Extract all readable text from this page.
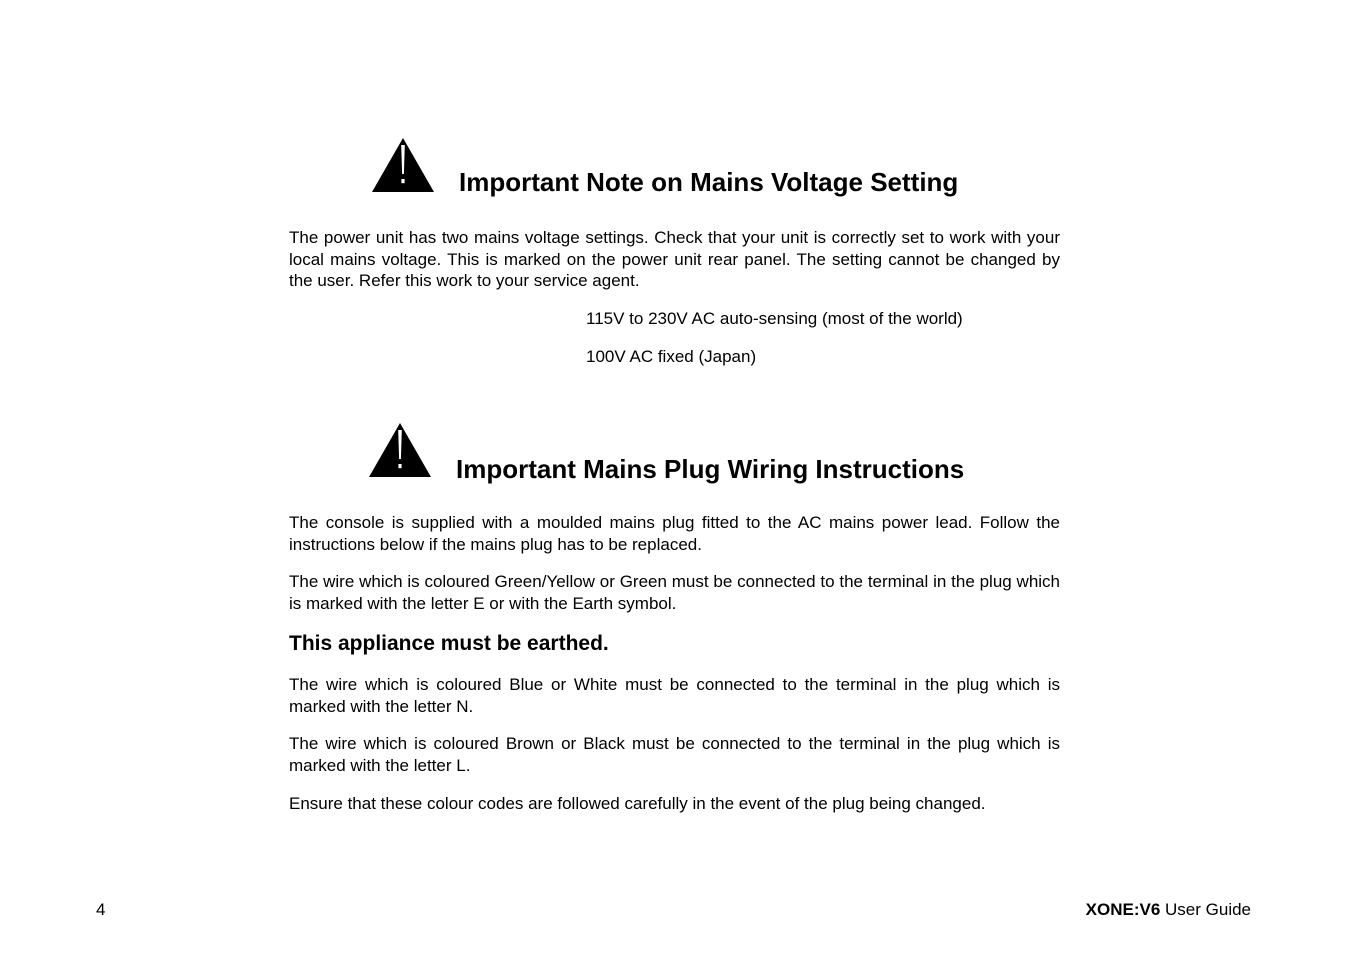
Important Note on Mains Voltage Setting

The power unit has two mains voltage settings. Check that your unit is correctly set to work with your local mains voltage. This is marked on the power unit rear panel. The setting cannot be changed by the user. Refer this work to your service agent.

115V to 230V AC auto-sensing (most of the world)

100V AC fixed (Japan)

Important Mains Plug Wiring Instructions

The console is supplied with a moulded mains plug fitted to the AC mains power lead. Follow the instructions below if the mains plug has to be replaced.

The wire which is coloured Green/Yellow or Green must be connected to the terminal in the plug which is marked with the letter E or with the Earth symbol.

This appliance must be earthed.

The wire which is coloured Blue or White must be connected to the terminal in the plug which is marked with the letter N.

The wire which is coloured Brown or Black must be connected to the terminal in the plug which is marked with the letter L.

Ensure that these colour codes are followed carefully in the event of the plug being changed.

4	XONE:V6 User Guide
